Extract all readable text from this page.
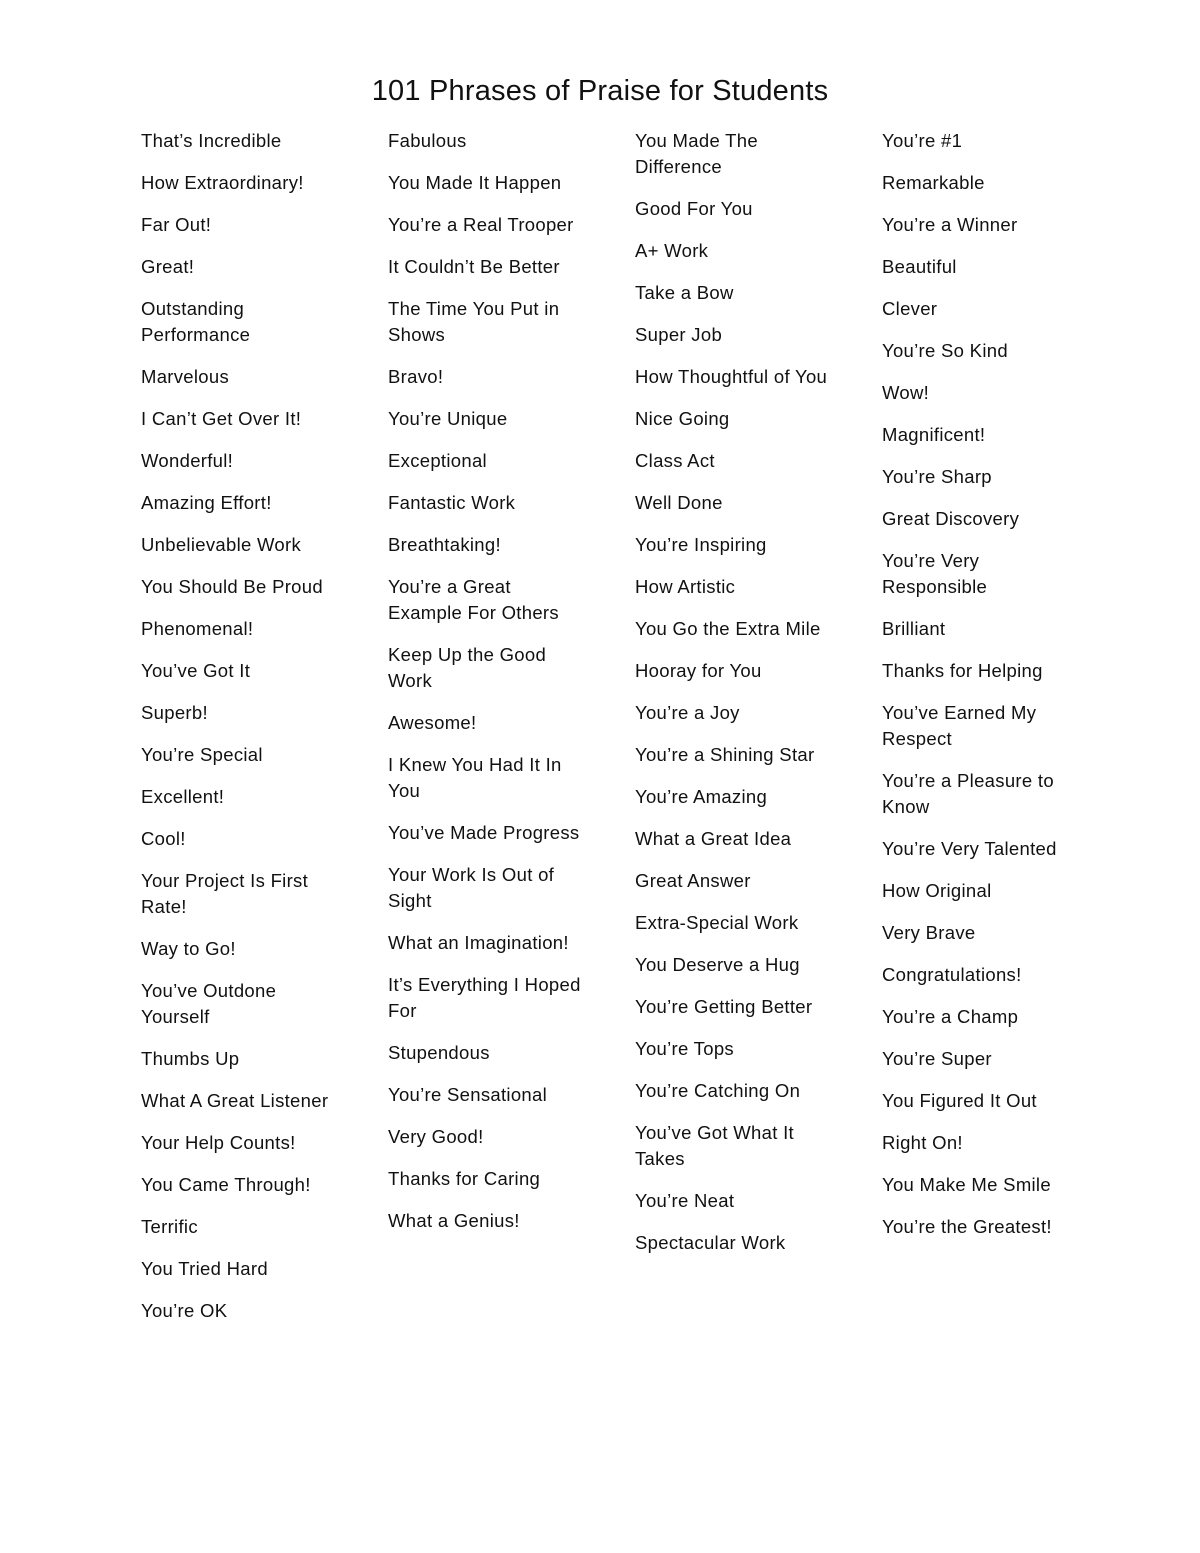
101 Phrases of Praise for Students
That’s Incredible
How Extraordinary!
Far Out!
Great!
Outstanding Performance
Marvelous
I Can’t Get Over It!
Wonderful!
Amazing Effort!
Unbelievable Work
You Should Be Proud
Phenomenal!
You’ve Got It
Superb!
You’re Special
Excellent!
Cool!
Your Project Is First Rate!
Way to Go!
You’ve Outdone Yourself
Thumbs Up
What A Great Listener
Your Help Counts!
You Came Through!
Terrific
You Tried Hard
You’re OK
Fabulous
You Made It Happen
You’re a Real Trooper
It Couldn’t Be Better
The Time You Put in Shows
Bravo!
You’re Unique
Exceptional
Fantastic Work
Breathtaking!
You’re a Great Example For Others
Keep Up the Good Work
Awesome!
I Knew You Had It In You
You’ve Made Progress
Your Work Is Out of Sight
What an Imagination!
It’s Everything I Hoped For
Stupendous
You’re Sensational
Very Good!
Thanks for Caring
What a Genius!
You Made The Difference
Good For You
A+ Work
Take a Bow
Super Job
How Thoughtful of You
Nice Going
Class Act
Well Done
You’re Inspiring
How Artistic
You Go the Extra Mile
Hooray for You
You’re a Joy
You’re a Shining Star
You’re Amazing
What a Great Idea
Great Answer
Extra-Special Work
You Deserve a Hug
You’re Getting Better
You’re Tops
You’re Catching On
You’ve Got What It Takes
You’re Neat
Spectacular Work
You’re #1
Remarkable
You’re a Winner
Beautiful
Clever
You’re So Kind
Wow!
Magnificent!
You’re Sharp
Great Discovery
You’re Very Responsible
Brilliant
Thanks for Helping
You’ve Earned My Respect
You’re a Pleasure to Know
You’re Very Talented
How Original
Very Brave
Congratulations!
You’re a Champ
You’re Super
You Figured It Out
Right On!
You Make Me Smile
You’re the Greatest!
